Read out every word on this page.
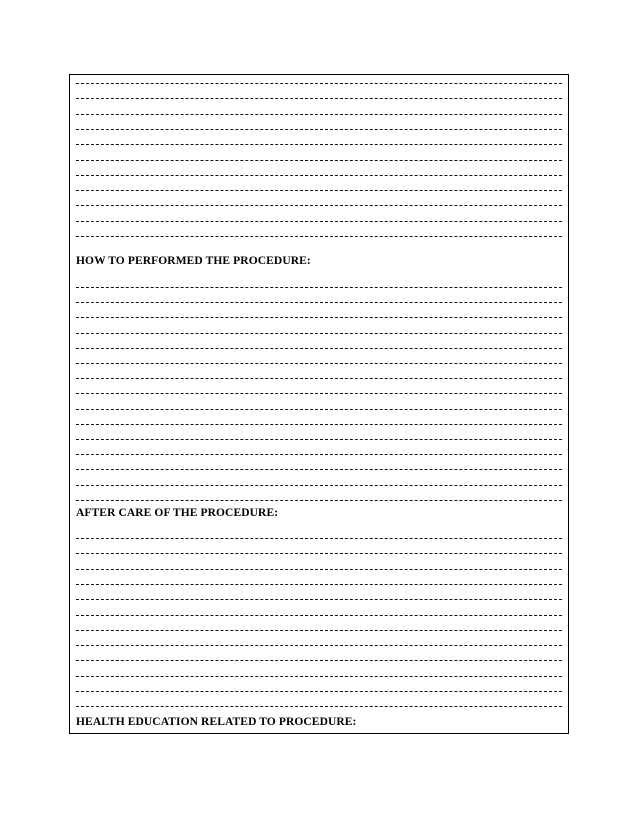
HOW TO PERFORMED THE PROCEDURE:
AFTER CARE OF THE PROCEDURE:
HEALTH EDUCATION RELATED TO PROCEDURE:
